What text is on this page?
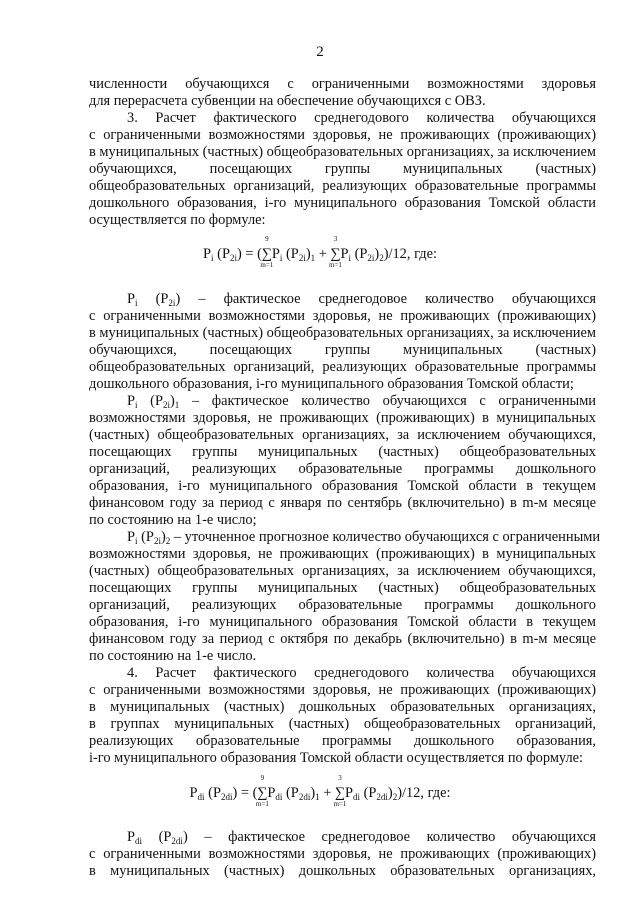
2
численности обучающихся с ограниченными возможностями здоровья
для перерасчета субвенции на обеспечение обучающихся с ОВЗ.
3. Расчет фактического среднегодового количества обучающихся
с ограниченными возможностями здоровья, не проживающих (проживающих)
в муниципальных (частных) общеобразовательных организациях, за исключением
обучающихся, посещающих группы муниципальных (частных)
общеобразовательных организаций, реализующих образовательные программы
дошкольного образования, i-го муниципального образования Томской области
осуществляется по формуле:
$P_i$ $(P_{2i})$ = (
9
∑
m=1
$P_i$ $(P_{2i})_1$ +
3
∑
m=1
$P_i$ $(P_{2i})_2)/12$, где:
$P_i$ $(P_{2i})$ – фактическое среднегодовое количество обучающихся
с ограниченными возможностями здоровья, не проживающих (проживающих)
в муниципальных (частных) общеобразовательных организациях, за исключением
обучающихся, посещающих группы муниципальных (частных)
общеобразовательных организаций, реализующих образовательные программы
дошкольного образования, i-го муниципального образования Томской области;
$P_i$ $(P_{2i})_1$ – фактическое количество обучающихся с ограниченными
возможностями здоровья, не проживающих (проживающих) в муниципальных
(частных) общеобразовательных организациях, за исключением обучающихся,
посещающих группы муниципальных (частных) общеобразовательных
организаций, реализующих образовательные программы дошкольного
образования, i-го муниципального образования Томской области в текущем
финансовом году за период с января по сентябрь (включительно) в m-м месяце
по состоянию на 1-е число;
$P_i$ $(P_{2i})_2$ – уточненное прогнозное количество обучающихся с ограниченными
возможностями здоровья, не проживающих (проживающих) в муниципальных
(частных) общеобразовательных организациях, за исключением обучающихся,
посещающих группы муниципальных (частных) общеобразовательных
организаций, реализующих образовательные программы дошкольного
образования, i-го муниципального образования Томской области в текущем
финансовом году за период с октября по декабрь (включительно) в m-м месяце
по состоянию на 1-е число.
4. Расчет фактического среднегодового количества обучающихся
с ограниченными возможностями здоровья, не проживающих (проживающих)
в муниципальных (частных) дошкольных образовательных организациях,
в группах муниципальных (частных) общеобразовательных организаций,
реализующих образовательные программы дошкольного образования,
i-го муниципального образования Томской области осуществляется по формуле:
$P_{di}$ $(P_{2di})$ = (
9
∑
m=1
$P_{di}$ $(P_{2di})_1$ +
3
∑
m=1
$P_{di}$ $(P_{2di})_2)/12$, где:
$P_{di}$ $(P_{2di})$ – фактическое среднегодовое количество обучающихся
с ограниченными возможностями здоровья, не проживающих (проживающих)
в муниципальных (частных) дошкольных образовательных организациях,
